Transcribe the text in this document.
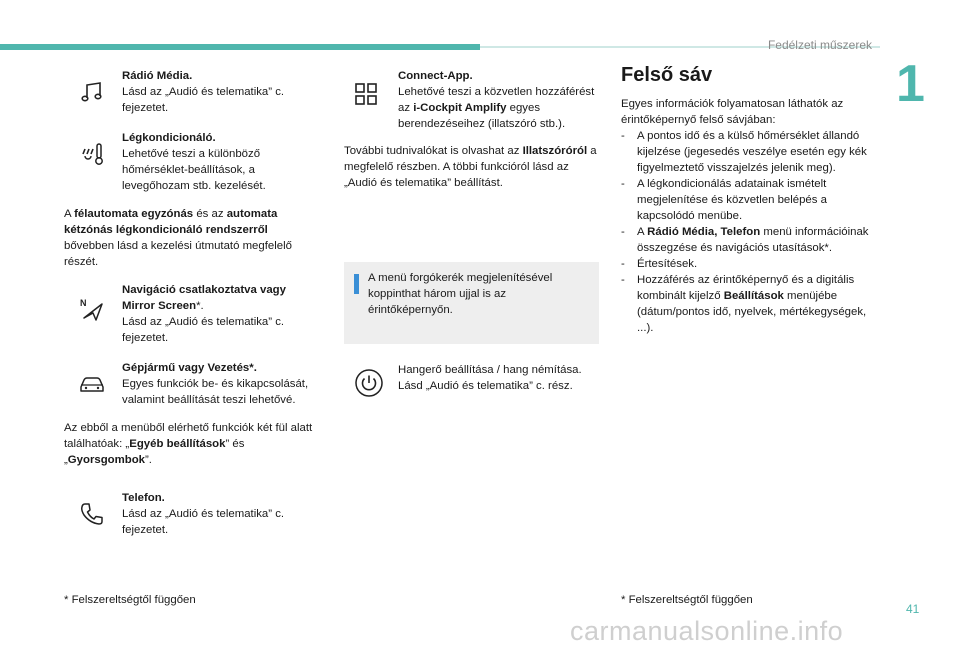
Fedélzeti műszerek
1
Rádió Média.
Lásd az „Audió és telematika” c. fejezetet.
Légkondicionáló.
Lehetővé teszi a különböző hőmérséklet-beállítások, a levegőhozam stb. kezelését.
A félautomata egyzónás és az automata kétzónás légkondicionáló rendszerről bővebben lásd a kezelési útmutató megfelelő részét.
N
Navigáció csatlakoztatva vagy Mirror Screen*.
Lásd az „Audió és telematika” c. fejezetet.
Gépjármű vagy Vezetés*.
Egyes funkciók be- és kikapcsolását, valamint beállítását teszi lehetővé.
Az ebből a menüből elérhető funkciók két fül alatt találhatóak: „Egyéb beállítások” és „Gyorsgombok”.
Telefon.
Lásd az „Audió és telematika” c. fejezetet.
* Felszereltségtől függően
Connect-App.
Lehetővé teszi a közvetlen hozzáférést az i-Cockpit Amplify egyes berendezéseihez (illatszóró stb.).
További tudnivalókat is olvashat az Illatszóróról a megfelelő részben. A többi funkcióról lásd az „Audió és telematika” beállítást.
A menü forgókerék megjelenítésével koppinthat három ujjal is az érintőképernyőn.
Hangerő beállítása / hang némítása. Lásd „Audió és telematika” c. rész.
Felső sáv
Egyes információk folyamatosan láthatók az érintőképernyő felső sávjában:
- A pontos idő és a külső hőmérséklet állandó kijelzése (jegesedés veszélye esetén egy kék figyelmeztető visszajelzés jelenik meg).
- A légkondicionálás adatainak ismételt megjelenítése és közvetlen belépés a kapcsolódó menübe.
- A Rádió Média, Telefon menü információinak összegzése és navigációs utasítások*.
- Értesítések.
- Hozzáférés az érintőképernyő és a digitális kombinált kijelző Beállítások menüjébe (dátum/pontos idő, nyelvek, mértékegységek, ...).
* Felszereltségtől függően
41
carmanualsonline.info
